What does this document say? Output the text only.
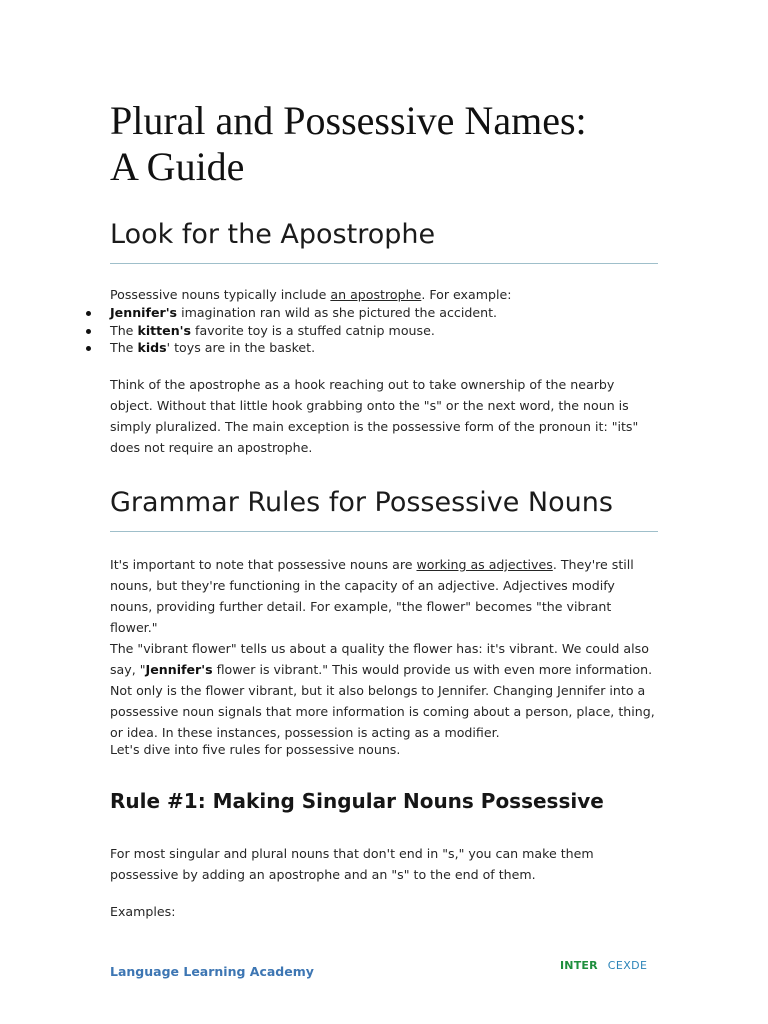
Plural and Possessive Names:
A Guide
Look for the Apostrophe

Possessive nouns typically include an apostrophe. For example:

Jennifer's imagination ran wild as she pictured the accident.
The kitten's favorite toy is a stuffed catnip mouse.
The kids' toys are in the basket.

Think of the apostrophe as a hook reaching out to take ownership of the nearby object. Without that little hook grabbing onto the "s" or the next word, the noun is simply pluralized. The main exception is the possessive form of the pronoun it: "its" does not require an apostrophe.

Grammar Rules for Possessive Nouns

It's important to note that possessive nouns are working as adjectives. They're still nouns, but they're functioning in the capacity of an adjective. Adjectives modify nouns, providing further detail. For example, "the flower" becomes "the vibrant flower."
The "vibrant flower" tells us about a quality the flower has: it's vibrant. We could also say, "Jennifer's flower is vibrant." This would provide us with even more information. Not only is the flower vibrant, but it also belongs to Jennifer. Changing Jennifer into a possessive noun signals that more information is coming about a person, place, thing, or idea. In these instances, possession is acting as a modifier.

Let's dive into five rules for possessive nouns.

Rule #1: Making Singular Nouns Possessive

For most singular and plural nouns that don't end in "s," you can make them possessive by adding an apostrophe and an "s" to the end of them.

Examples:

Language Learning Academy	INTER CEXDE
